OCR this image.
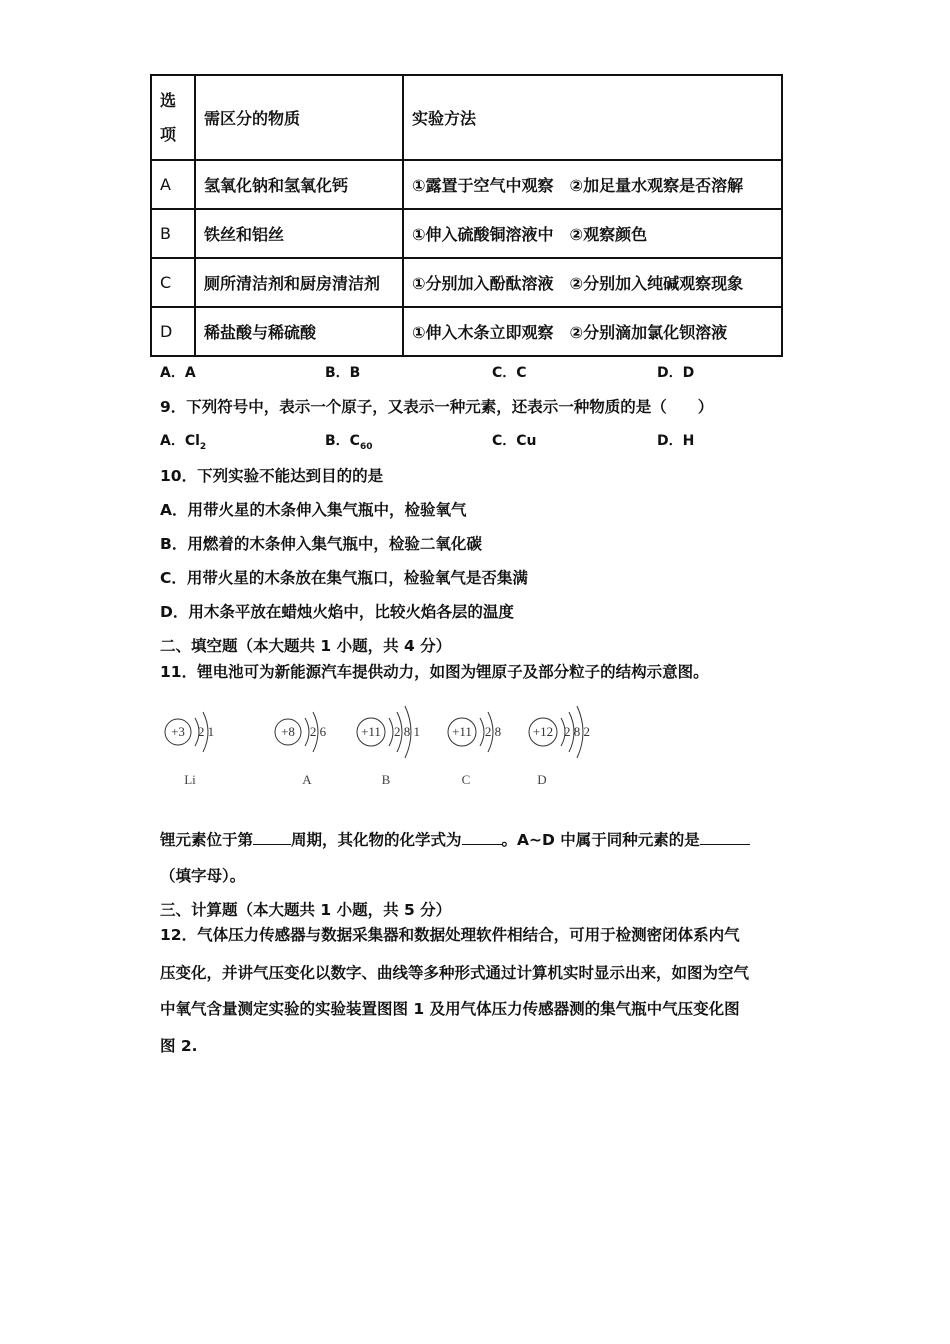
选
项	需区分的物质	实验方法
A	氢氧化钠和氢氧化钙	①露置于空气中观察　②加足量水观察是否溶解
B	铁丝和铝丝	①伸入硫酸铜溶液中　②观察颜色
C	厕所清洁剂和厨房清洁剂	①分别加入酚酞溶液　②分别加入纯碱观察现象
D	稀盐酸与稀硫酸	①伸入木条立即观察　②分别滴加氯化钡溶液
A．A	B．B	C．C	D．D
9．下列符号中，表示一个原子，又表示一种元素，还表示一种物质的是（　　）
A．$Cl_2$	B．$C_{60}$	C．Cu	D．H
10．下列实验不能达到目的的是
A．用带火星的木条伸入集气瓶中，检验氧气
B．用燃着的木条伸入集气瓶中，检验二氧化碳
C．用带火星的木条放在集气瓶口，检验氧气是否集满
D．用木条平放在蜡烛火焰中，比较火焰各层的温度
二、填空题（本大题共 1 小题，共 4 分）
11．锂电池可为新能源汽车提供动力，如图为锂原子及部分粒子的结构示意图。
+3 2 1
Li
+8 2 6
A
+11 2 8 1
B
+11 2 8
C
+12 2 8 2
D
锂元素位于第 周期，其化物的化学式为	。A~D 中属于同种元素的是
（填字母）。
三、计算题（本大题共 1 小题，共 5 分）
12．气体压力传感器与数据采集器和数据处理软件相结合，可用于检测密闭体系内气
压变化，并讲气压变化以数字、曲线等多种形式通过计算机实时显示出来，如图为空气
中氧气含量测定实验的实验装置图图 1 及用气体压力传感器测的集气瓶中气压变化图
图 2.
